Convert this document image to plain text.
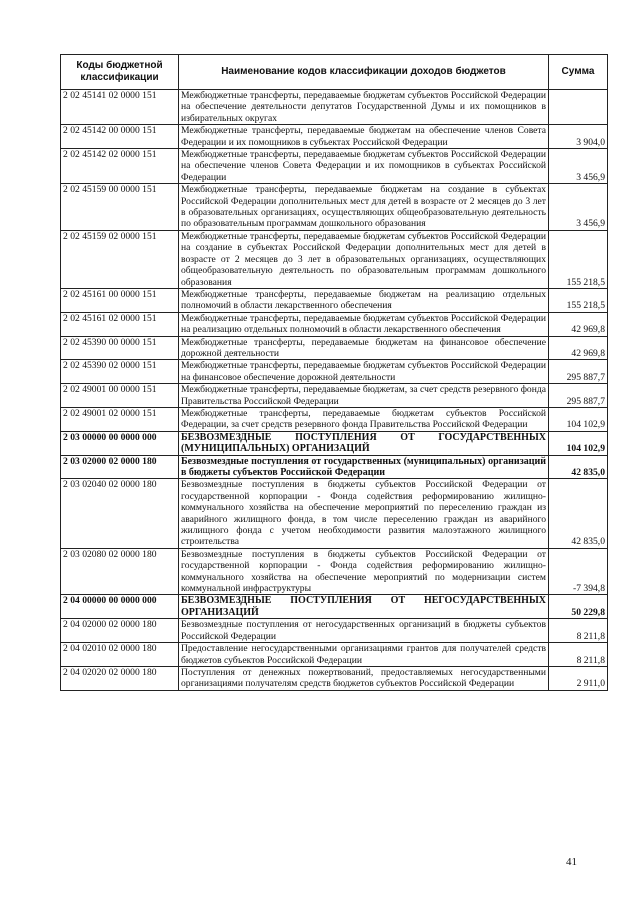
Коды бюджетной классификации	Наименование кодов классификации доходов бюджетов	Сумма
2 02 45141 02 0000 151	Межбюджетные трансферты, передаваемые бюджетам субъектов Российской Федерации на обеспечение деятельности депутатов Государственной Думы и их помощников в избирательных округах	
2 02 45142 00 0000 151	Межбюджетные трансферты, передаваемые бюджетам на обеспечение членов Совета Федерации и их помощников в субъектах Российской Федерации	3 904,0
2 02 45142 02 0000 151	Межбюджетные трансферты, передаваемые бюджетам субъектов Российской Федерации на обеспечение членов Совета Федерации и их помощников в субъектах Российской Федерации	3 456,9
2 02 45159 00 0000 151	Межбюджетные трансферты, передаваемые бюджетам на создание в субъектах Российской Федерации дополнительных мест для детей в возрасте от 2 месяцев до 3 лет в образовательных организациях, осуществляющих общеобразовательную деятельность по образовательным программам дошкольного образования	3 456,9
2 02 45159 02 0000 151	Межбюджетные трансферты, передаваемые бюджетам субъектов Российской Федерации на создание в субъектах Российской Федерации дополнительных мест для детей в возрасте от 2 месяцев до 3 лет в образовательных организациях, осуществляющих общеобразовательную деятельность по образовательным программам дошкольного образования	155 218,5
2 02 45161 00 0000 151	Межбюджетные трансферты, передаваемые бюджетам на реализацию отдельных полномочий в области лекарственного обеспечения	155 218,5
2 02 45161 02 0000 151	Межбюджетные трансферты, передаваемые бюджетам субъектов Российской Федерации на реализацию отдельных полномочий в области лекарственного обеспечения	42 969,8
2 02 45390 00 0000 151	Межбюджетные трансферты, передаваемые бюджетам на финансовое обеспечение дорожной деятельности	42 969,8
2 02 45390 02 0000 151	Межбюджетные трансферты, передаваемые бюджетам субъектов Российской Федерации на финансовое обеспечение дорожной деятельности	295 887,7
2 02 49001 00 0000 151	Межбюджетные трансферты, передаваемые бюджетам, за счет средств резервного фонда Правительства Российской Федерации	295 887,7
2 02 49001 02 0000 151	Межбюджетные трансферты, передаваемые бюджетам субъектов Российской Федерации, за счет средств резервного фонда Правительства Российской Федерации	104 102,9
2 03 00000 00 0000 000	БЕЗВОЗМЕЗДНЫЕ ПОСТУПЛЕНИЯ ОТ ГОСУДАРСТВЕННЫХ (МУНИЦИПАЛЬНЫХ) ОРГАНИЗАЦИЙ	104 102,9
2 03 02000 02 0000 180	Безвозмездные поступления от государственных (муниципальных) организаций в бюджеты субъектов Российской Федерации	42 835,0
2 03 02040 02 0000 180	Безвозмездные поступления в бюджеты субъектов Российской Федерации от государственной корпорации - Фонда содействия реформированию жилищно-коммунального хозяйства на обеспечение мероприятий по переселению граждан из аварийного жилищного фонда, в том числе переселению граждан из аварийного жилищного фонда с учетом необходимости развития малоэтажного жилищного строительства	42 835,0
2 03 02080 02 0000 180	Безвозмездные поступления в бюджеты субъектов Российской Федерации от государственной корпорации - Фонда содействия реформированию жилищно-коммунального хозяйства на обеспечение мероприятий по модернизации систем коммунальной инфраструктуры	-7 394,8
2 04 00000 00 0000 000	БЕЗВОЗМЕЗДНЫЕ ПОСТУПЛЕНИЯ ОТ НЕГОСУДАРСТВЕННЫХ ОРГАНИЗАЦИЙ	50 229,8
2 04 02000 02 0000 180	Безвозмездные поступления от негосударственных организаций в бюджеты субъектов Российской Федерации	8 211,8
2 04 02010 02 0000 180	Предоставление негосударственными организациями грантов для получателей средств бюджетов субъектов Российской Федерации	8 211,8
2 04 02020 02 0000 180	Поступления от денежных пожертвований, предоставляемых негосударственными организациями получателям средств бюджетов субъектов Российской Федерации	2 911,0
41
